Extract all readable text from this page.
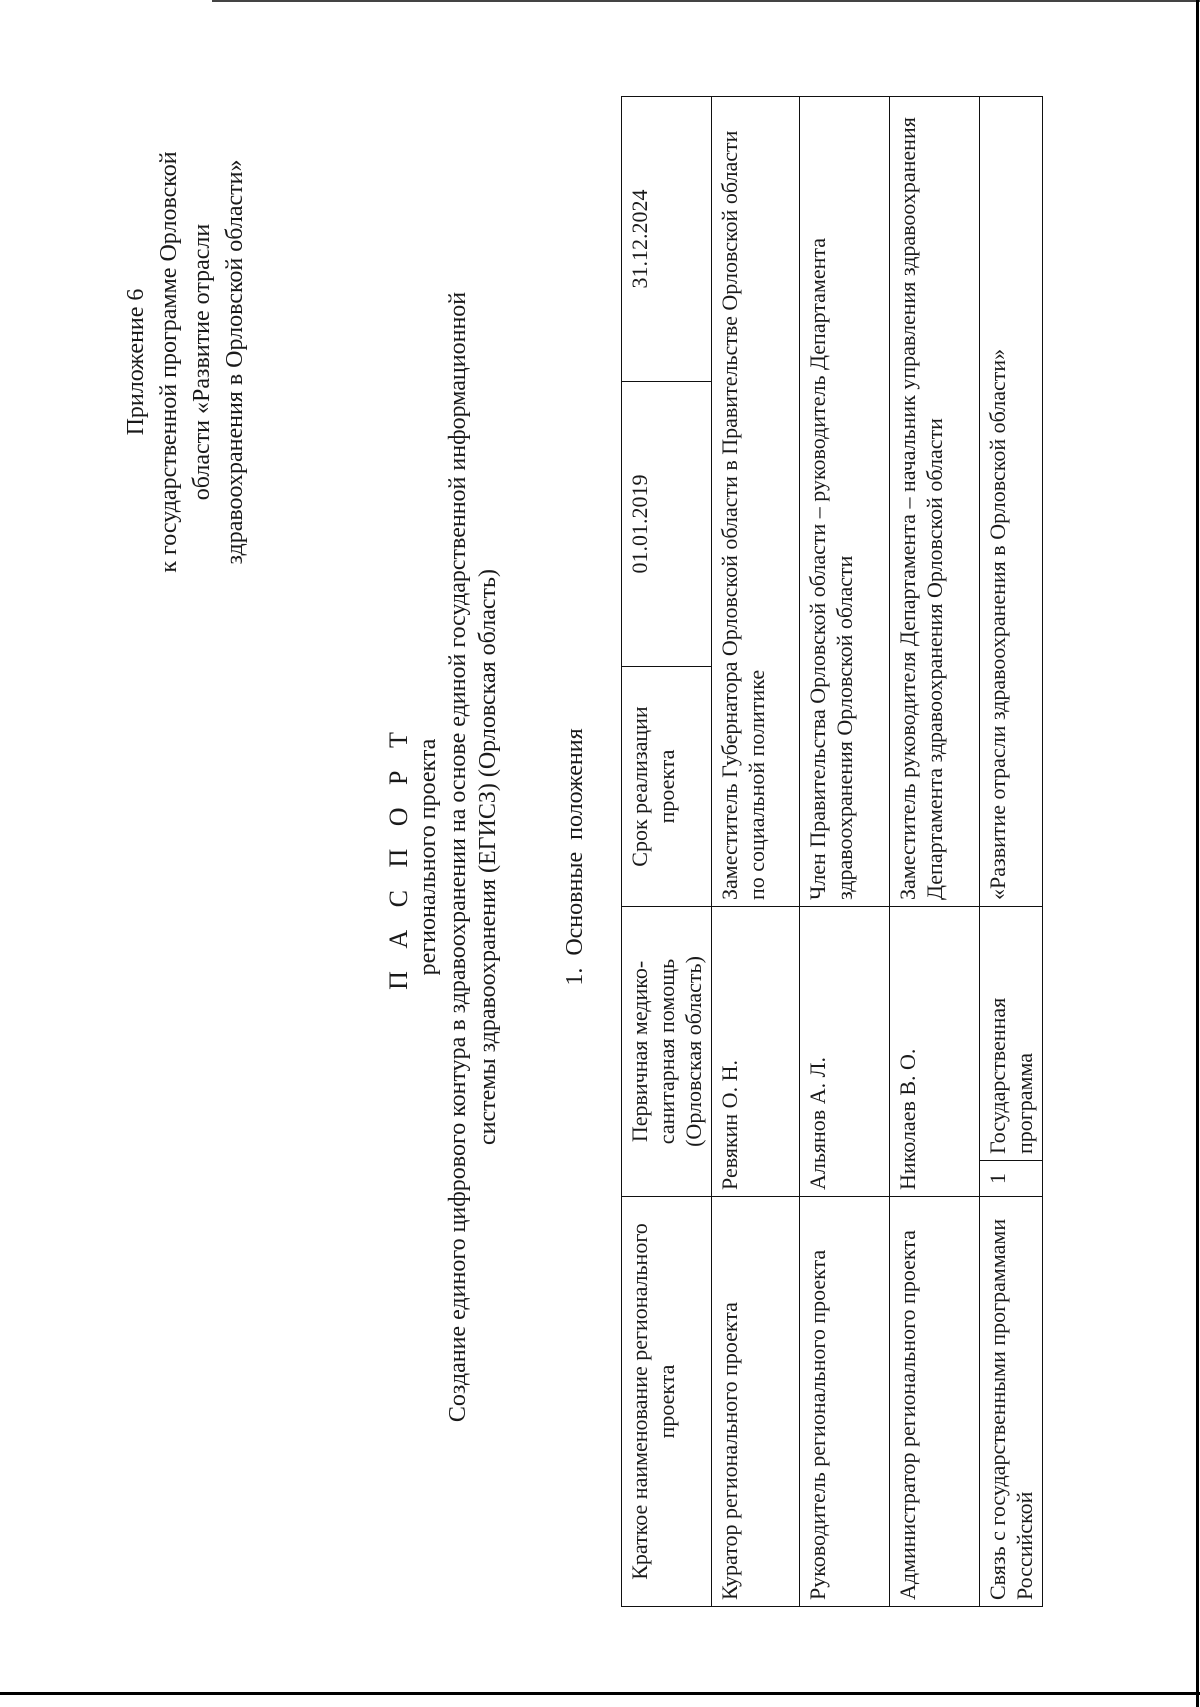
Приложение 6 к государственной программе Орловской области «Развитие отрасли здравоохранения в Орловской области»
П А С П О Р Т регионального проекта Создание единого цифрового контура в здравоохранении на основе единой государственной информационной системы здравоохранения (ЕГИСЗ) (Орловская область)	1. Основные положения
Краткое наименование регионального проекта	Первичная медико-санитарная помощь (Орловская область)		Срок реализации проекта	01.01.2019	31.12.2024
Куратор регионального проекта	Ревякин О. Н.		Заместитель Губернатора Орловской области в Правительстве Орловской области по социальной политике		
Руководитель регионального проекта	Альянов А. Л.		Член Правительства Орловской области – руководитель Департамента здравоохранения Орловской области		
Администратор регионального проекта	Николаев В. О.		Заместитель руководителя Департамента – начальник управления здравоохранения Департамента здравоохранения Орловской области		
Связь с государственными программами Российской	1	Государственная программа	«Развитие отрасли здравоохранения в Орловской области»		
